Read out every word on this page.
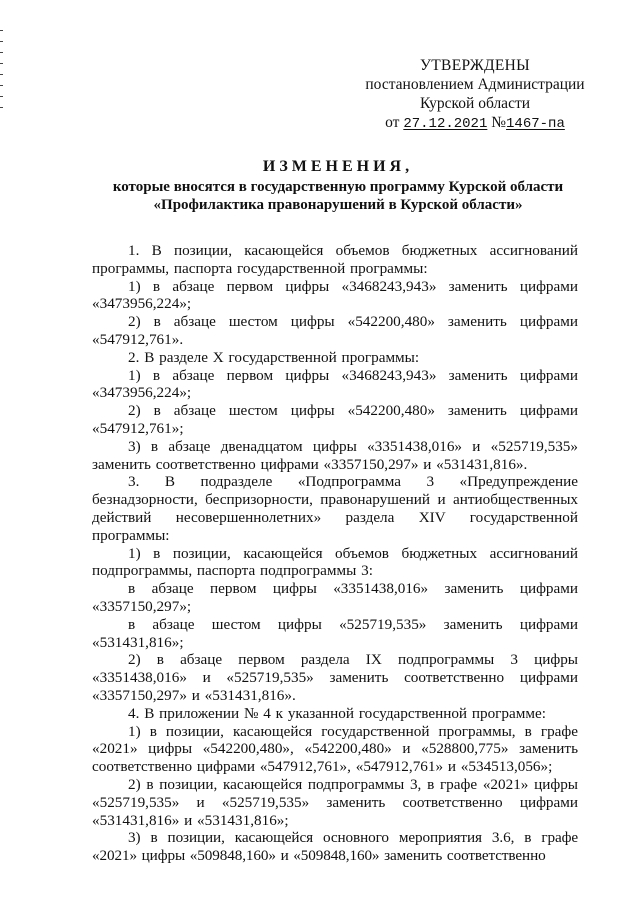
УТВЕРЖДЕНЫ
постановлением Администрации
Курской области
от 27.12.2021 №1467-па
ИЗМЕНЕНИЯ,
которые вносятся в государственную программу Курской области
«Профилактика правонарушений в Курской области»

1. В позиции, касающейся объемов бюджетных ассигнований программы, паспорта государственной программы:

1) в абзаце первом цифры «3468243,943» заменить цифрами «3473956,224»;

2) в абзаце шестом цифры «542200,480» заменить цифрами «547912,761».

2. В разделе X государственной программы:

1) в абзаце первом цифры «3468243,943» заменить цифрами «3473956,224»;

2) в абзаце шестом цифры «542200,480» заменить цифрами «547912,761»;

3) в абзаце двенадцатом цифры «3351438,016» и «525719,535» заменить соответственно цифрами «3357150,297» и «531431,816».

3. В подразделе «Подпрограмма 3 «Предупреждение безнадзорности, беспризорности, правонарушений и антиобщественных действий несовершеннолетних» раздела XIV государственной программы:

1) в позиции, касающейся объемов бюджетных ассигнований подпрограммы, паспорта подпрограммы 3:

в абзаце первом цифры «3351438,016» заменить цифрами «3357150,297»;

в абзаце шестом цифры «525719,535» заменить цифрами «531431,816»;

2) в абзаце первом раздела IX подпрограммы 3 цифры «3351438,016» и «525719,535» заменить соответственно цифрами «3357150,297» и «531431,816».

4. В приложении № 4 к указанной государственной программе:

1) в позиции, касающейся государственной программы, в графе «2021» цифры «542200,480», «542200,480» и «528800,775» заменить соответственно цифрами «547912,761», «547912,761» и «534513,056»;

2) в позиции, касающейся подпрограммы 3, в графе «2021» цифры «525719,535» и «525719,535» заменить соответственно цифрами «531431,816» и «531431,816»;

3) в позиции, касающейся основного мероприятия 3.6, в графе «2021» цифры «509848,160» и «509848,160» заменить соответственно
